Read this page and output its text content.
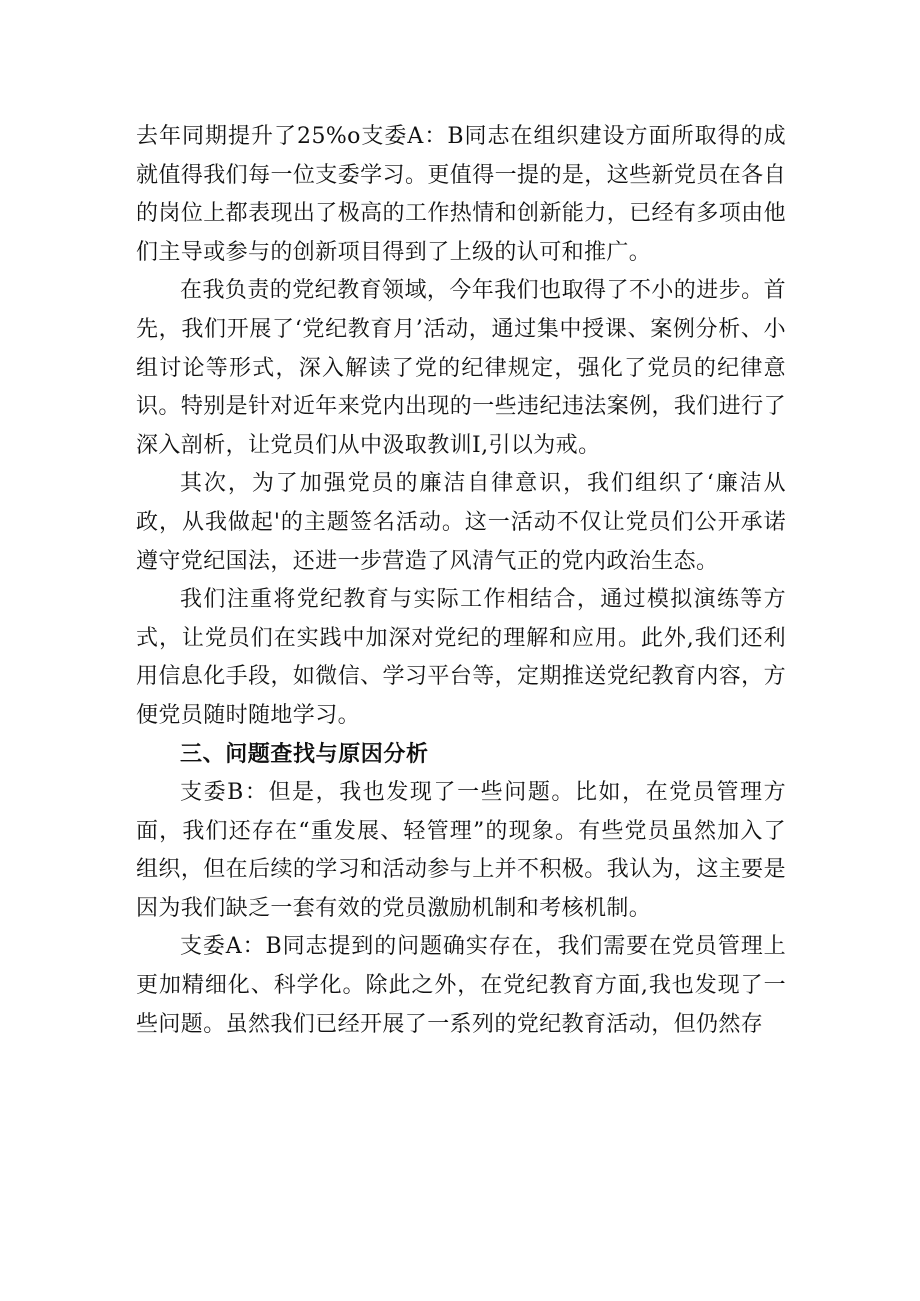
去年同期提升了25%o支委A：B同志在组织建设方面所取得的成就值得我们每一位支委学习。更值得一提的是，这些新党员在各自的岗位上都表现出了极高的工作热情和创新能力，已经有多项由他们主导或参与的创新项目得到了上级的认可和推广。

在我负责的党纪教育领域，今年我们也取得了不小的进步。首先，我们开展了‘党纪教育月’活动，通过集中授课、案例分析、小组讨论等形式，深入解读了党的纪律规定，强化了党员的纪律意识。特别是针对近年来党内出现的一些违纪违法案例，我们进行了深入剖析，让党员们从中汲取教训I,引以为戒。

其次，为了加强党员的廉洁自律意识，我们组织了‘廉洁从政，从我做起'的主题签名活动。这一活动不仅让党员们公开承诺遵守党纪国法，还进一步营造了风清气正的党内政治生态。

我们注重将党纪教育与实际工作相结合，通过模拟演练等方式，让党员们在实践中加深对党纪的理解和应用。此外,我们还利用信息化手段，如微信、学习平台等，定期推送党纪教育内容，方便党员随时随地学习。

三、问题查找与原因分析

支委B：但是，我也发现了一些问题。比如，在党员管理方面，我们还存在“重发展、轻管理”的现象。有些党员虽然加入了组织，但在后续的学习和活动参与上并不积极。我认为，这主要是因为我们缺乏一套有效的党员激励机制和考核机制。

支委A：B同志提到的问题确实存在，我们需要在党员管理上更加精细化、科学化。除此之外，在党纪教育方面,我也发现了一些问题。虽然我们已经开展了一系列的党纪教育活动，但仍然存
